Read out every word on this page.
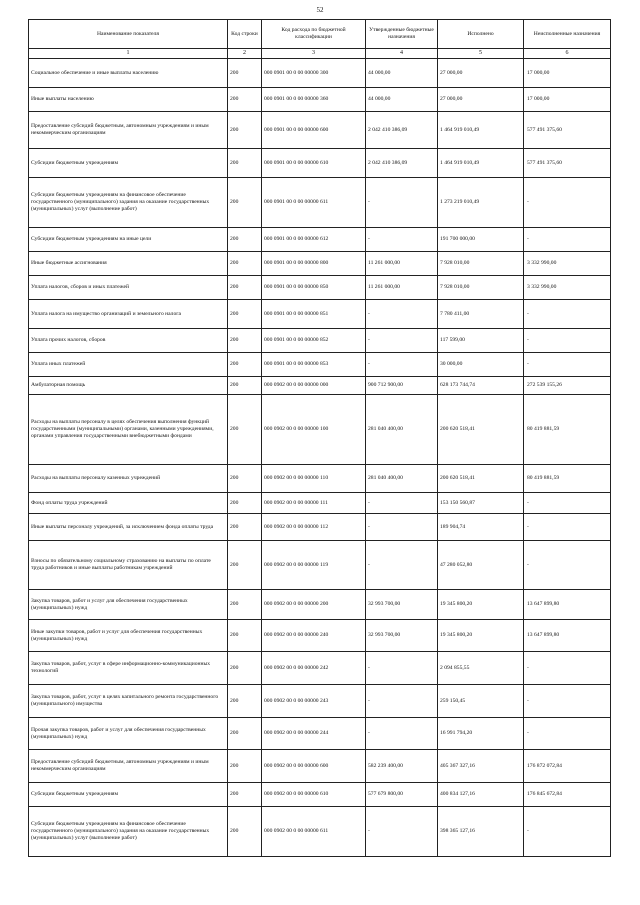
52
Наименование показателя	Код строки	Код расхода по бюджетной классификации	Утвержденные бюджетные назначения	Исполнено	Неисполненные назначения
1	2	3	4	5	6
Социальное обеспечение и иные выплаты населению	200	000 0901 00 0 00 00000 300	44 000,00	27 000,00	17 000,00
Иные выплаты населению	200	000 0901 00 0 00 00000 360	44 000,00	27 000,00	17 000,00
Предоставление субсидий бюджетным, автономным учреждениям и иным некоммерческим организациям	200	000 0901 00 0 00 00000 600	2 042 410 386,09	1 464 919 010,49	577 491 375,60
Субсидии бюджетным учреждениям	200	000 0901 00 0 00 00000 610	2 042 410 386,09	1 464 919 010,49	577 491 375,60
Субсидии бюджетным учреждениям на финансовое обеспечение государственного (муниципального) задания на оказание государственных (муниципальных) услуг (выполнение работ)	200	000 0901 00 0 00 00000 611	-	1 273 219 010,49	-
Субсидии бюджетным учреждениям на иные цели	200	000 0901 00 0 00 00000 612	-	191 700 000,00	-
Иные бюджетные ассигнования	200	000 0901 00 0 00 00000 800	11 261 000,00	7 928 010,00	3 332 990,00
Уплата налогов, сборов и иных платежей	200	000 0901 00 0 00 00000 850	11 261 000,00	7 928 010,00	3 332 990,00
Уплата налога на имущество организаций и земельного налога	200	000 0901 00 0 00 00000 851	-	7 780 411,00	-
Уплата прочих налогов, сборов	200	000 0901 00 0 00 00000 852	-	117 599,00	-
Уплата иных платежей	200	000 0901 00 0 00 00000 853	-	30 000,00	-
Амбулаторная помощь	200	000 0902 00 0 00 00000 000	900 712 900,00	628 173 744,74	272 539 155,26
Расходы на выплаты персоналу в целях обеспечения выполнения функций государственными (муниципальными) органами, казенными учреждениями, органами управления государственными внебюджетными фондами	200	000 0902 00 0 00 00000 100	281 040 400,00	200 620 518,41	80 419 881,59
Расходы на выплаты персоналу казенных учреждений	200	000 0902 00 0 00 00000 110	281 040 400,00	200 620 518,41	80 419 881,59
Фонд оплаты труда учреждений	200	000 0902 00 0 00 00000 111	-	153 150 560,87	-
Иные выплаты персоналу учреждений, за исключением фонда оплаты труда	200	000 0902 00 0 00 00000 112	-	189 904,74	-
Взносы по обязательному социальному страхованию на выплаты по оплате труда работников и иные выплаты работникам учреждений	200	000 0902 00 0 00 00000 119	-	47 280 052,80	-
Закупка товаров, работ и услуг для обеспечения государственных (муниципальных) нужд	200	000 0902 00 0 00 00000 200	32 993 700,00	19 345 800,20	13 647 899,80
Иные закупки товаров, работ и услуг для обеспечения государственных (муниципальных) нужд	200	000 0902 00 0 00 00000 240	32 993 700,00	19 345 800,20	13 647 899,80
Закупка товаров, работ, услуг в сфере информационно-коммуникационных технологий	200	000 0902 00 0 00 00000 242	-	2 094 855,55	-
Закупка товаров, работ, услуг в целях капитального ремонта государственного (муниципального) имущества	200	000 0902 00 0 00 00000 243	-	259 150,45	-
Прочая закупка товаров, работ и услуг для обеспечения государственных (муниципальных) нужд	200	000 0902 00 0 00 00000 244	-	16 991 794,20	-
Предоставление субсидий бюджетным, автономным учреждениям и иным некоммерческим организациям	200	000 0902 00 0 00 00000 600	582 239 400,00	405 367 327,16	176 872 072,84
Субсидии бюджетным учреждениям	200	000 0902 00 0 00 00000 610	577 679 800,00	400 834 127,16	176 845 672,84
Субсидии бюджетным учреждениям на финансовое обеспечение государственного (муниципального) задания на оказание государственных (муниципальных) услуг (выполнение работ)	200	000 0902 00 0 00 00000 611	-	398 365 127,16	-
